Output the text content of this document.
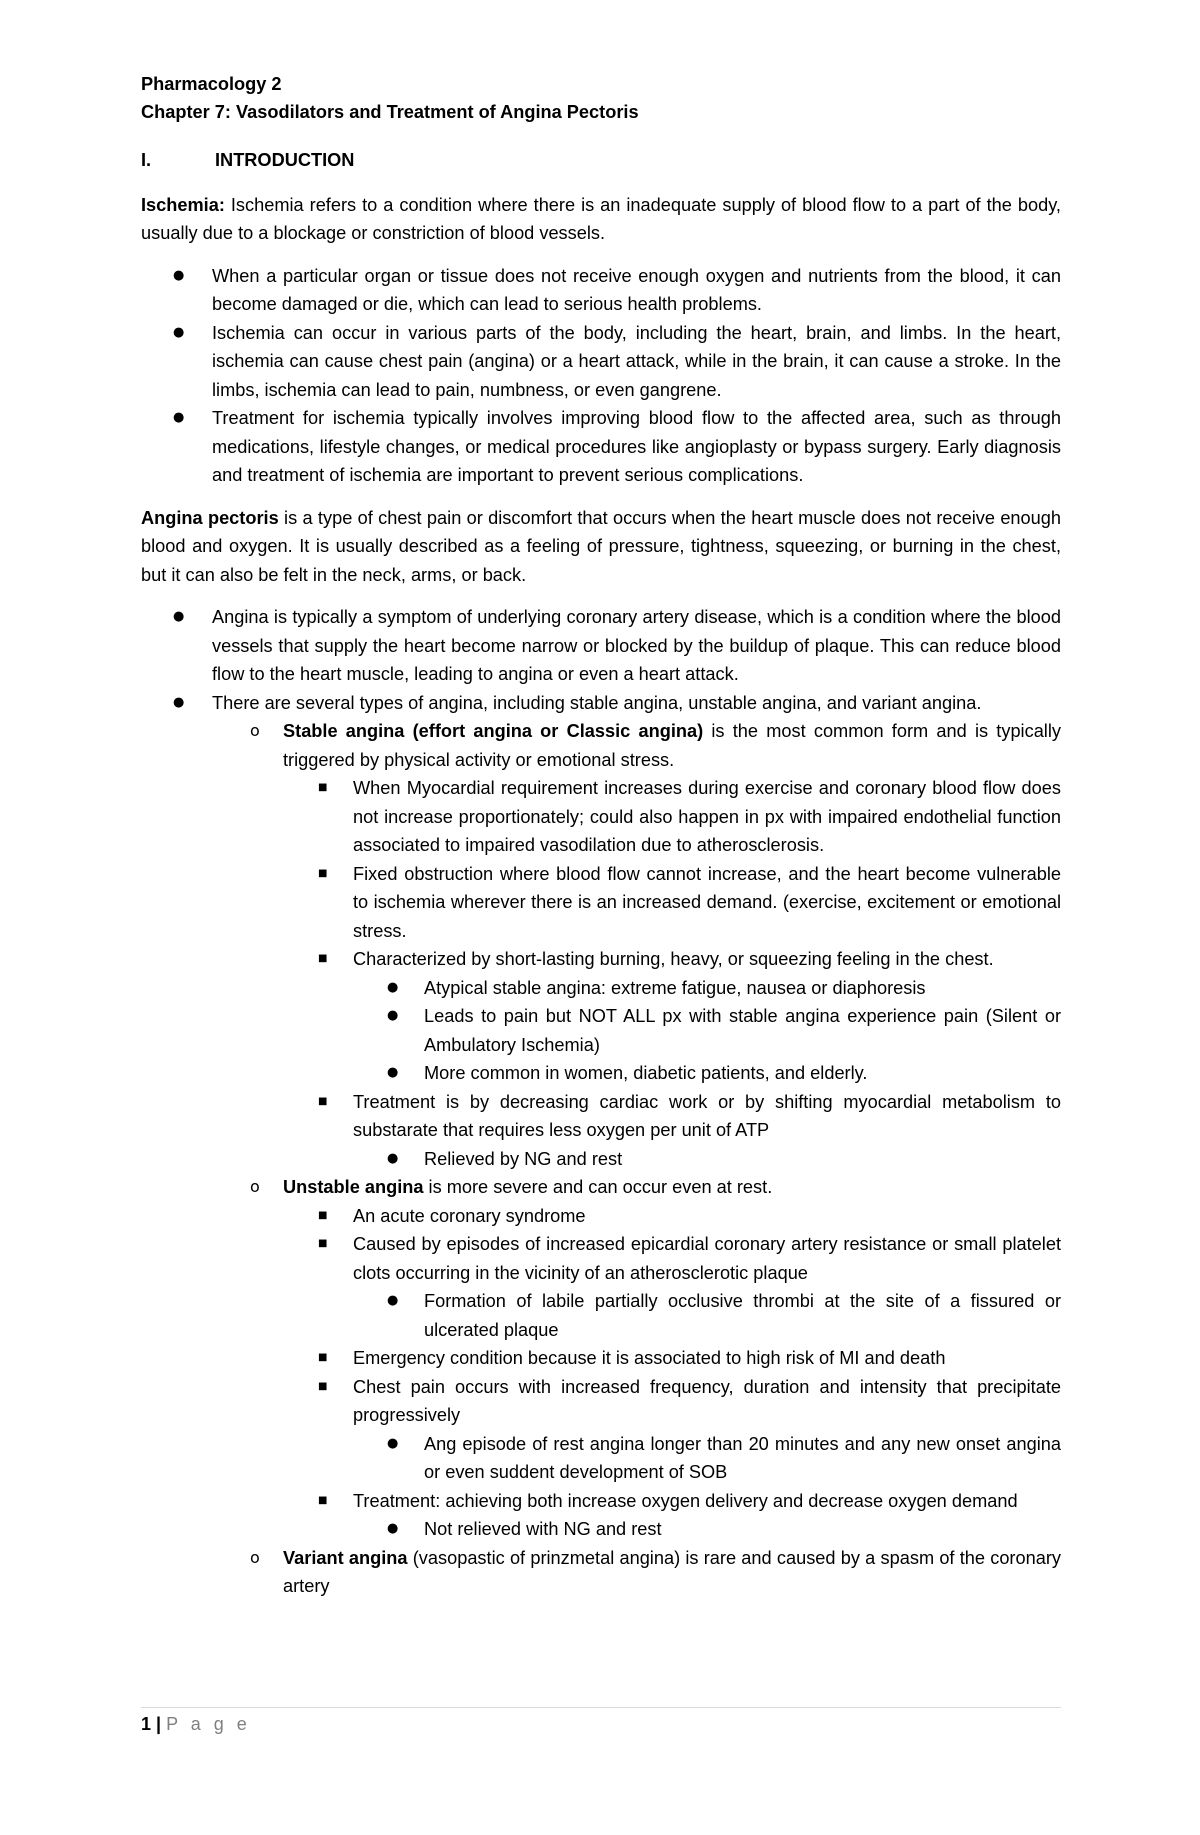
Pharmacology 2
Chapter 7: Vasodilators and Treatment of Angina Pectoris
I.	INTRODUCTION

Ischemia: Ischemia refers to a condition where there is an inadequate supply of blood flow to a part of the body, usually due to a blockage or constriction of blood vessels.

● When a particular organ or tissue does not receive enough oxygen and nutrients from the blood, it can become damaged or die, which can lead to serious health problems.
● Ischemia can occur in various parts of the body, including the heart, brain, and limbs. In the heart, ischemia can cause chest pain (angina) or a heart attack, while in the brain, it can cause a stroke. In the limbs, ischemia can lead to pain, numbness, or even gangrene.
● Treatment for ischemia typically involves improving blood flow to the affected area, such as through medications, lifestyle changes, or medical procedures like angioplasty or bypass surgery. Early diagnosis and treatment of ischemia are important to prevent serious complications.

Angina pectoris is a type of chest pain or discomfort that occurs when the heart muscle does not receive enough blood and oxygen. It is usually described as a feeling of pressure, tightness, squeezing, or burning in the chest, but it can also be felt in the neck, arms, or back.

● Angina is typically a symptom of underlying coronary artery disease, which is a condition where the blood vessels that supply the heart become narrow or blocked by the buildup of plaque. This can reduce blood flow to the heart muscle, leading to angina or even a heart attack.
● There are several types of angina, including stable angina, unstable angina, and variant angina.
o Stable angina (effort angina or Classic angina) is the most common form and is typically triggered by physical activity or emotional stress.
■ When Myocardial requirement increases during exercise and coronary blood flow does not increase proportionately; could also happen in px with impaired endothelial function associated to impaired vasodilation due to atherosclerosis.
■ Fixed obstruction where blood flow cannot increase, and the heart become vulnerable to ischemia wherever there is an increased demand. (exercise, excitement or emotional stress.
■ Characterized by short-lasting burning, heavy, or squeezing feeling in the chest.
● Atypical stable angina: extreme fatigue, nausea or diaphoresis
● Leads to pain but NOT ALL px with stable angina experience pain (Silent or Ambulatory Ischemia)
● More common in women, diabetic patients, and elderly.
■ Treatment is by decreasing cardiac work or by shifting myocardial metabolism to substarate that requires less oxygen per unit of ATP
● Relieved by NG and rest
o Unstable angina is more severe and can occur even at rest.
■ An acute coronary syndrome
■ Caused by episodes of increased epicardial coronary artery resistance or small platelet clots occurring in the vicinity of an atherosclerotic plaque
● Formation of labile partially occlusive thrombi at the site of a fissured or ulcerated plaque
■ Emergency condition because it is associated to high risk of MI and death
■ Chest pain occurs with increased frequency, duration and intensity that precipitate progressively
● Ang episode of rest angina longer than 20 minutes and any new onset angina or even suddent development of SOB
■ Treatment: achieving both increase oxygen delivery and decrease oxygen demand
● Not relieved with NG and rest
o Variant angina (vasopastic of prinzmetal angina) is rare and caused by a spasm of the coronary artery
1 | P a g e
